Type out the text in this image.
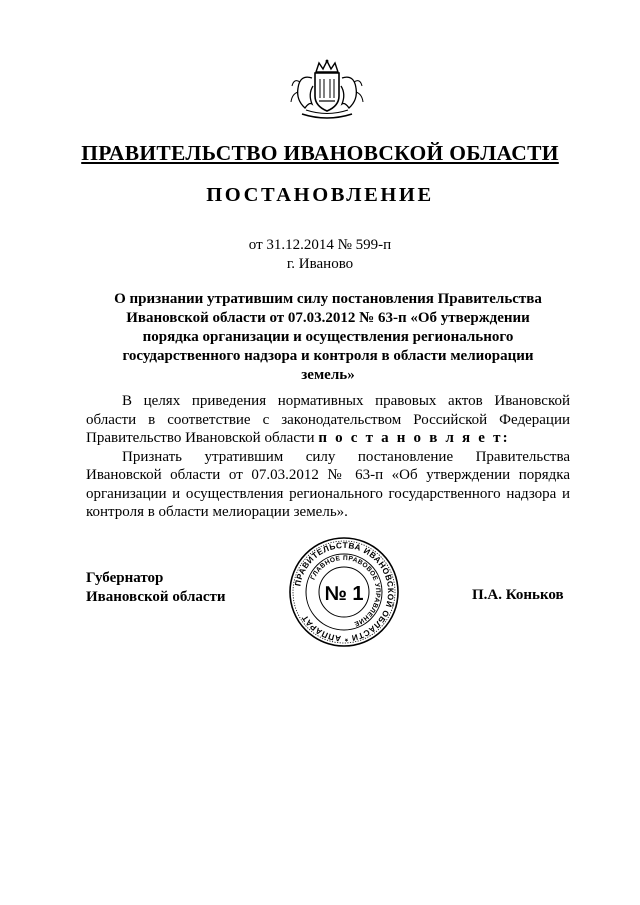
ПРАВИТЕЛЬСТВО ИВАНОВСКОЙ ОБЛАСТИ
ПОСТАНОВЛЕНИЕ
от 31.12.2014 № 599-п
г. Иваново
О признании утратившим силу постановления Правительства Ивановской области от 07.03.2012 № 63-п «Об утверждении порядка организации и осуществления регионального государственного надзора и контроля в области мелиорации земель»

В целях приведения нормативных правовых актов Ивановской области в соответствие с законодательством Российской Федерации Правительство Ивановской области п о с т а н о в л я е т:

Признать утратившим силу постановление Правительства Ивановской области от 07.03.2012 № 63-п «Об утверждении порядка организации и осуществления регионального государственного надзора и контроля в области мелиорации земель».

Губернатор
Ивановской области
ПРАВИТЕЛЬСТВА ИВАНОВСКОЙ ОБЛАСТИ * АППАРАТ
ГЛАВНОЕ ПРАВОВОЕ УПРАВЛЕНИЕ
№ 1	П.А. Коньков
